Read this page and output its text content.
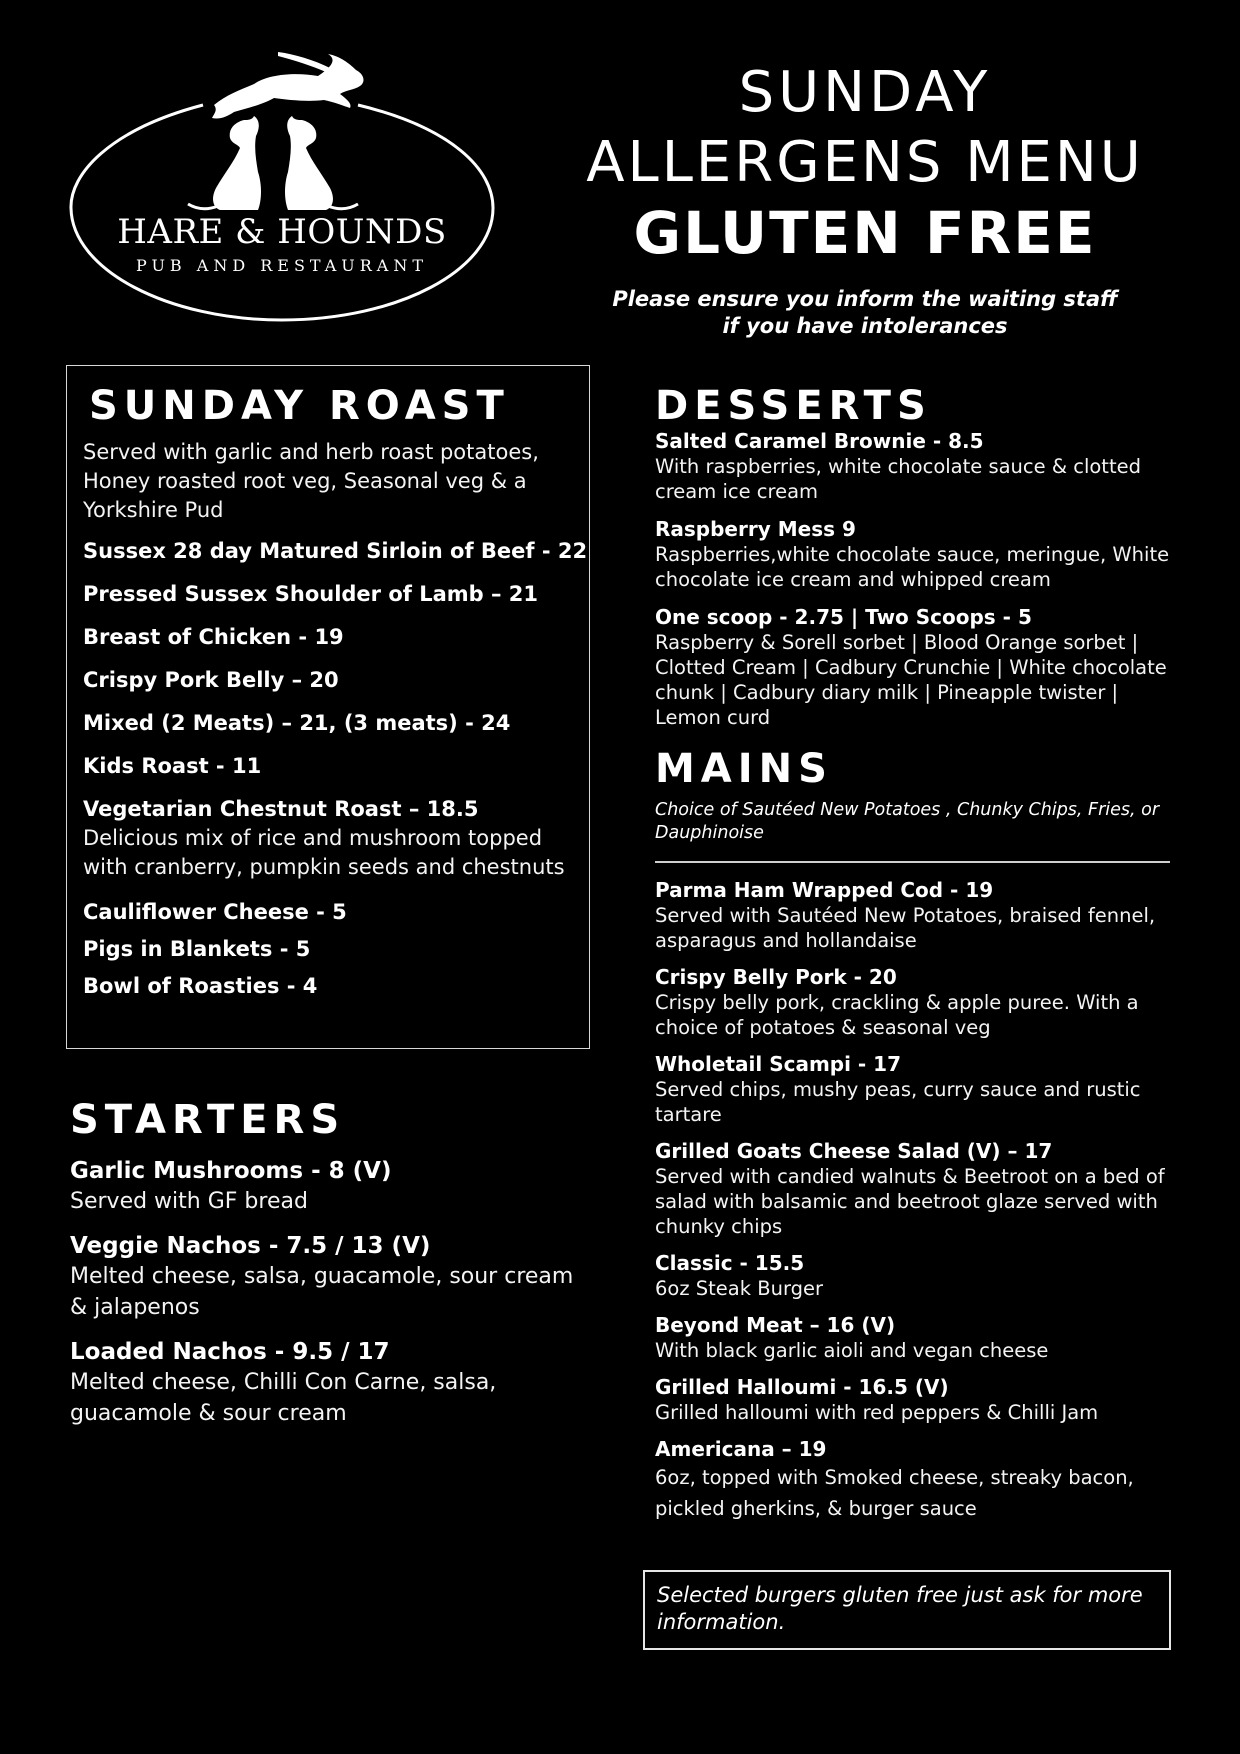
HARE & HOUNDS
PUB AND RESTAURANT
SUNDAY
ALLERGENS MENU
GLUTEN FREE
Please ensure you inform the waiting staff
if you have intolerances
SUNDAY ROAST
Served with garlic and herb roast potatoes, Honey roasted root veg, Seasonal veg & a Yorkshire Pud
Sussex 28 day Matured Sirloin of Beef - 22
Pressed Sussex Shoulder of Lamb – 21
Breast of Chicken - 19
Crispy Pork Belly – 20
Mixed (2 Meats) – 21, (3 meats) - 24
Kids Roast - 11
Vegetarian Chestnut Roast – 18.5
Delicious mix of rice and mushroom topped with cranberry, pumpkin seeds and chestnuts
Cauliflower Cheese - 5
Pigs in Blankets - 5
Bowl of Roasties - 4
STARTERS
Garlic Mushrooms - 8 (V)
Served with GF bread
Veggie Nachos - 7.5 / 13 (V)
Melted cheese, salsa, guacamole, sour cream & jalapenos
Loaded Nachos - 9.5 / 17
Melted cheese, Chilli Con Carne, salsa, guacamole & sour cream
DESSERTS
Salted Caramel Brownie - 8.5
With raspberries, white chocolate sauce & clotted cream ice cream
Raspberry Mess 9
Raspberries,white chocolate sauce, meringue, White chocolate ice cream and whipped cream
One scoop - 2.75 | Two Scoops - 5
Raspberry & Sorell sorbet | Blood Orange sorbet | Clotted Cream | Cadbury Crunchie | White chocolate chunk | Cadbury diary milk | Pineapple twister | Lemon curd
MAINS
Choice of Sautéed New Potatoes , Chunky Chips, Fries, or Dauphinoise
Parma Ham Wrapped Cod - 19
Served with Sautéed New Potatoes, braised fennel, asparagus and hollandaise
Crispy Belly Pork - 20
Crispy belly pork, crackling & apple puree. With a choice of potatoes & seasonal veg
Wholetail Scampi - 17
Served chips, mushy peas, curry sauce and rustic tartare
Grilled Goats Cheese Salad (V) – 17
Served with candied walnuts & Beetroot on a bed of salad with balsamic and beetroot glaze served with chunky chips
Classic - 15.5
6oz Steak Burger
Beyond Meat – 16 (V)
With black garlic aioli and vegan cheese
Grilled Halloumi - 16.5 (V)
Grilled halloumi with red peppers & Chilli Jam
Americana – 19
6oz, topped with Smoked cheese, streaky bacon, pickled gherkins, & burger sauce
Selected burgers gluten free just ask for more information.
